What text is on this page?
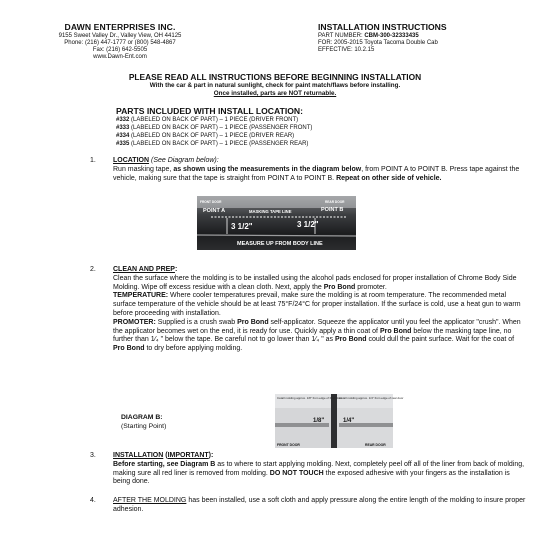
DAWN ENTERPRISES INC.
9155 Sweet Valley Dr., Valley View, OH 44125
Phone: (216) 447-1777 or (800) 548-4867
Fax: (216) 642-5505
www.Dawn-Ent.com
INSTALLATION INSTRUCTIONS
PART NUMBER: CBM-300-32333435
FOR: 2005-2015 Toyota Tacoma Double Cab
EFFECTIVE: 10.2.15
PLEASE READ ALL INSTRUCTIONS BEFORE BEGINNING INSTALLATION
With the car & part in natural sunlight, check for paint match/flaws before installing.
Once installed, parts are NOT returnable.
PARTS INCLUDED WITH INSTALL LOCATION:
#332 (LABELED ON BACK OF PART) – 1 PIECE (DRIVER FRONT)
#333 (LABELED ON BACK OF PART) – 1 PIECE (PASSENGER FRONT)
#334 (LABELED ON BACK OF PART) – 1 PIECE (DRIVER REAR)
#335 (LABELED ON BACK OF PART) – 1 PIECE (PASSENGER REAR)
1. LOCATION (See Diagram below):
Run masking tape, as shown using the measurements in the diagram below, from POINT A to POINT B. Press tape against the vehicle, making sure that the tape is straight from POINT A to POINT B. Repeat on other side of vehicle.
FRONT DOOR	REAR DOOR
POINT A	POINT B
MASKING TAPE LINE
3 1/2"	3 1/2"
MEASURE UP FROM BODY LINE
2. CLEAN AND PREP:
Clean the surface where the molding is to be installed using the alcohol pads enclosed for proper installation of Chrome Body Side Molding. Wipe off excess residue with a clean cloth. Next, apply the Pro Bond promoter.
TEMPERATURE: Where cooler temperatures prevail, make sure the molding is at room temperature. The recommended metal surface temperature of the vehicle should be at least 75°F/24°C for proper installation. If the surface is cold, use a heat gun to warm before proceeding with installation.
PROMOTER: Supplied is a crush swab Pro Bond self-applicator. Squeeze the applicator until you feel the applicator "crush". When the applicator becomes wet on the end, it is ready for use. Quickly apply a thin coat of Pro Bond below the masking tape line, no further than 1⁄₄ " below the tape. Be careful not to go lower than 1⁄₄ " as Pro Bond could dull the paint surface. Wait for the coat of Pro Bond to dry before applying molding.
DIAGRAM B:
(Starting Point)
Install molding approx. 1/8" from edge of front door
Install molding approx. 1/4" from edge of rear door
1/8"	1/4"
FRONT DOOR	REAR DOOR
3. INSTALLATION (IMPORTANT):
Before starting, see Diagram B as to where to start applying molding. Next, completely peel off all of the liner from back of molding, making sure all red liner is removed from molding. DO NOT TOUCH the exposed adhesive with your fingers as the installation is being done.
4. AFTER THE MOLDING has been installed, use a soft cloth and apply pressure along the entire length of the molding to insure proper adhesion.
